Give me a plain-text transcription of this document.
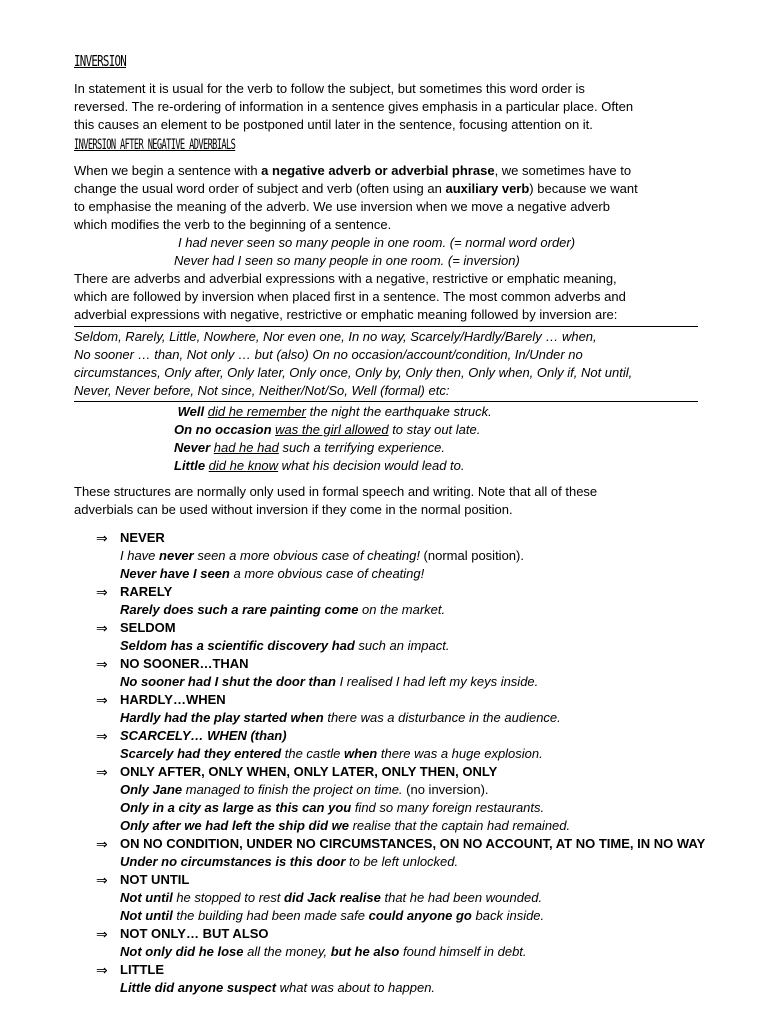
INVERSION

In statement it is usual for the verb to follow the subject, but sometimes this word order is

reversed. The re-ordering of information in a sentence gives emphasis in a particular place. Often

this causes an element to be postponed until later in the sentence, focusing attention on it.

INVERSION AFTER NEGATIVE ADVERBIALS

When we begin a sentence with a negative adverb or adverbial phrase, we sometimes have to

change the usual word order of subject and verb (often using an auxiliary verb) because we want

to emphasise the meaning of the adverb. We use inversion when we move a negative adverb

which modifies the verb to the beginning of a sentence.

I had never seen so many people in one room. (= normal word order)

Never had I seen so many people in one room. (= inversion)

There are adverbs and adverbial expressions with a negative, restrictive or emphatic meaning,

which are followed by inversion when placed first in a sentence. The most common adverbs and

adverbial expressions with negative, restrictive or emphatic meaning followed by inversion are:

Seldom, Rarely, Little, Nowhere, Nor even one, In no way, Scarcely/Hardly/Barely … when,

No sooner … than, Not only … but (also) On no occasion/account/condition, In/Under no

circumstances, Only after, Only later, Only once, Only by, Only then, Only when, Only if, Not until,

Never, Never before, Not since, Neither/Not/So, Well (formal) etc:

Well did he remember the night the earthquake struck.

On no occasion was the girl allowed to stay out late.

Never had he had such a terrifying experience.

Little did he know what his decision would lead to.

These structures are normally only used in formal speech and writing. Note that all of these

adverbials can be used without inversion if they come in the normal position.

⇒ NEVER
I have never seen a more obvious case of cheating! (normal position).
Never have I seen a more obvious case of cheating!
⇒ RARELY
Rarely does such a rare painting come on the market.
⇒ SELDOM
Seldom has a scientific discovery had such an impact.
⇒ NO SOONER…THAN
No sooner had I shut the door than I realised I had left my keys inside.
⇒ HARDLY…WHEN
Hardly had the play started when there was a disturbance in the audience.
⇒ SCARCELY… WHEN (than)
Scarcely had they entered the castle when there was a huge explosion.
⇒ ONLY AFTER, ONLY WHEN, ONLY LATER, ONLY THEN, ONLY
Only Jane managed to finish the project on time. (no inversion).
Only in a city as large as this can you find so many foreign restaurants.
Only after we had left the ship did we realise that the captain had remained.
⇒ ON NO CONDITION, UNDER NO CIRCUMSTANCES, ON NO ACCOUNT, AT NO TIME, IN NO WAY
Under no circumstances is this door to be left unlocked.
⇒ NOT UNTIL
Not until he stopped to rest did Jack realise that he had been wounded.
Not until the building had been made safe could anyone go back inside.
⇒ NOT ONLY… BUT ALSO
Not only did he lose all the money, but he also found himself in debt.
⇒ LITTLE
Little did anyone suspect what was about to happen.
